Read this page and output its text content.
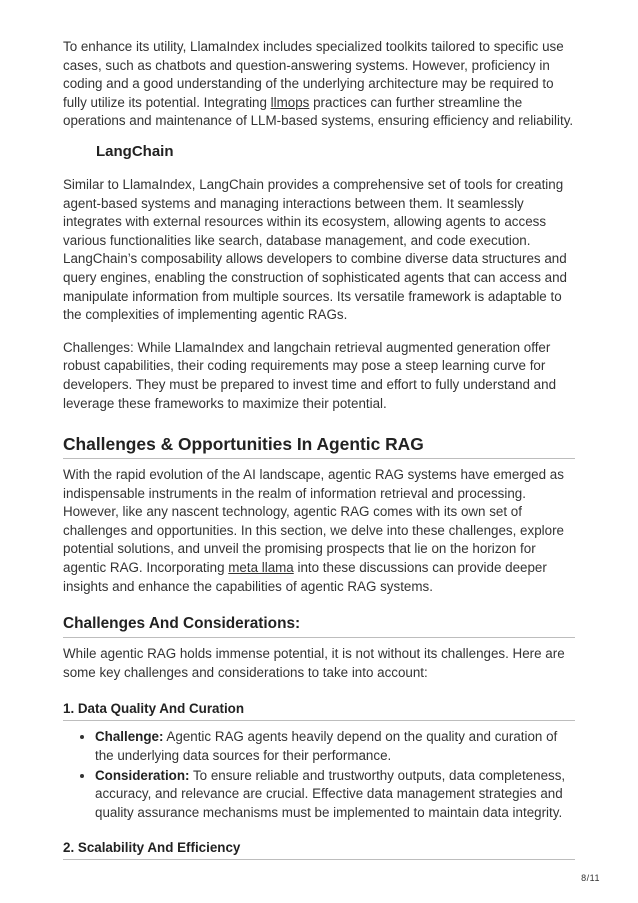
To enhance its utility, LlamaIndex includes specialized toolkits tailored to specific use cases, such as chatbots and question-answering systems. However, proficiency in coding and a good understanding of the underlying architecture may be required to fully utilize its potential. Integrating llmops practices can further streamline the operations and maintenance of LLM-based systems, ensuring efficiency and reliability.

LangChain

Similar to LlamaIndex, LangChain provides a comprehensive set of tools for creating agent-based systems and managing interactions between them. It seamlessly integrates with external resources within its ecosystem, allowing agents to access various functionalities like search, database management, and code execution. LangChain’s composability allows developers to combine diverse data structures and query engines, enabling the construction of sophisticated agents that can access and manipulate information from multiple sources. Its versatile framework is adaptable to the complexities of implementing agentic RAGs.

Challenges: While LlamaIndex and langchain retrieval augmented generation offer robust capabilities, their coding requirements may pose a steep learning curve for developers. They must be prepared to invest time and effort to fully understand and leverage these frameworks to maximize their potential.

Challenges & Opportunities In Agentic RAG

With the rapid evolution of the AI landscape, agentic RAG systems have emerged as indispensable instruments in the realm of information retrieval and processing. However, like any nascent technology, agentic RAG comes with its own set of challenges and opportunities. In this section, we delve into these challenges, explore potential solutions, and unveil the promising prospects that lie on the horizon for agentic RAG. Incorporating meta llama into these discussions can provide deeper insights and enhance the capabilities of agentic RAG systems.

Challenges And Considerations:

While agentic RAG holds immense potential, it is not without its challenges. Here are some key challenges and considerations to take into account:

1. Data Quality And Curation
• Challenge: Agentic RAG agents heavily depend on the quality and curation of the underlying data sources for their performance.
• Consideration: To ensure reliable and trustworthy outputs, data completeness, accuracy, and relevance are crucial. Effective data management strategies and quality assurance mechanisms must be implemented to maintain data integrity.
2. Scalability And Efficiency
8/11
